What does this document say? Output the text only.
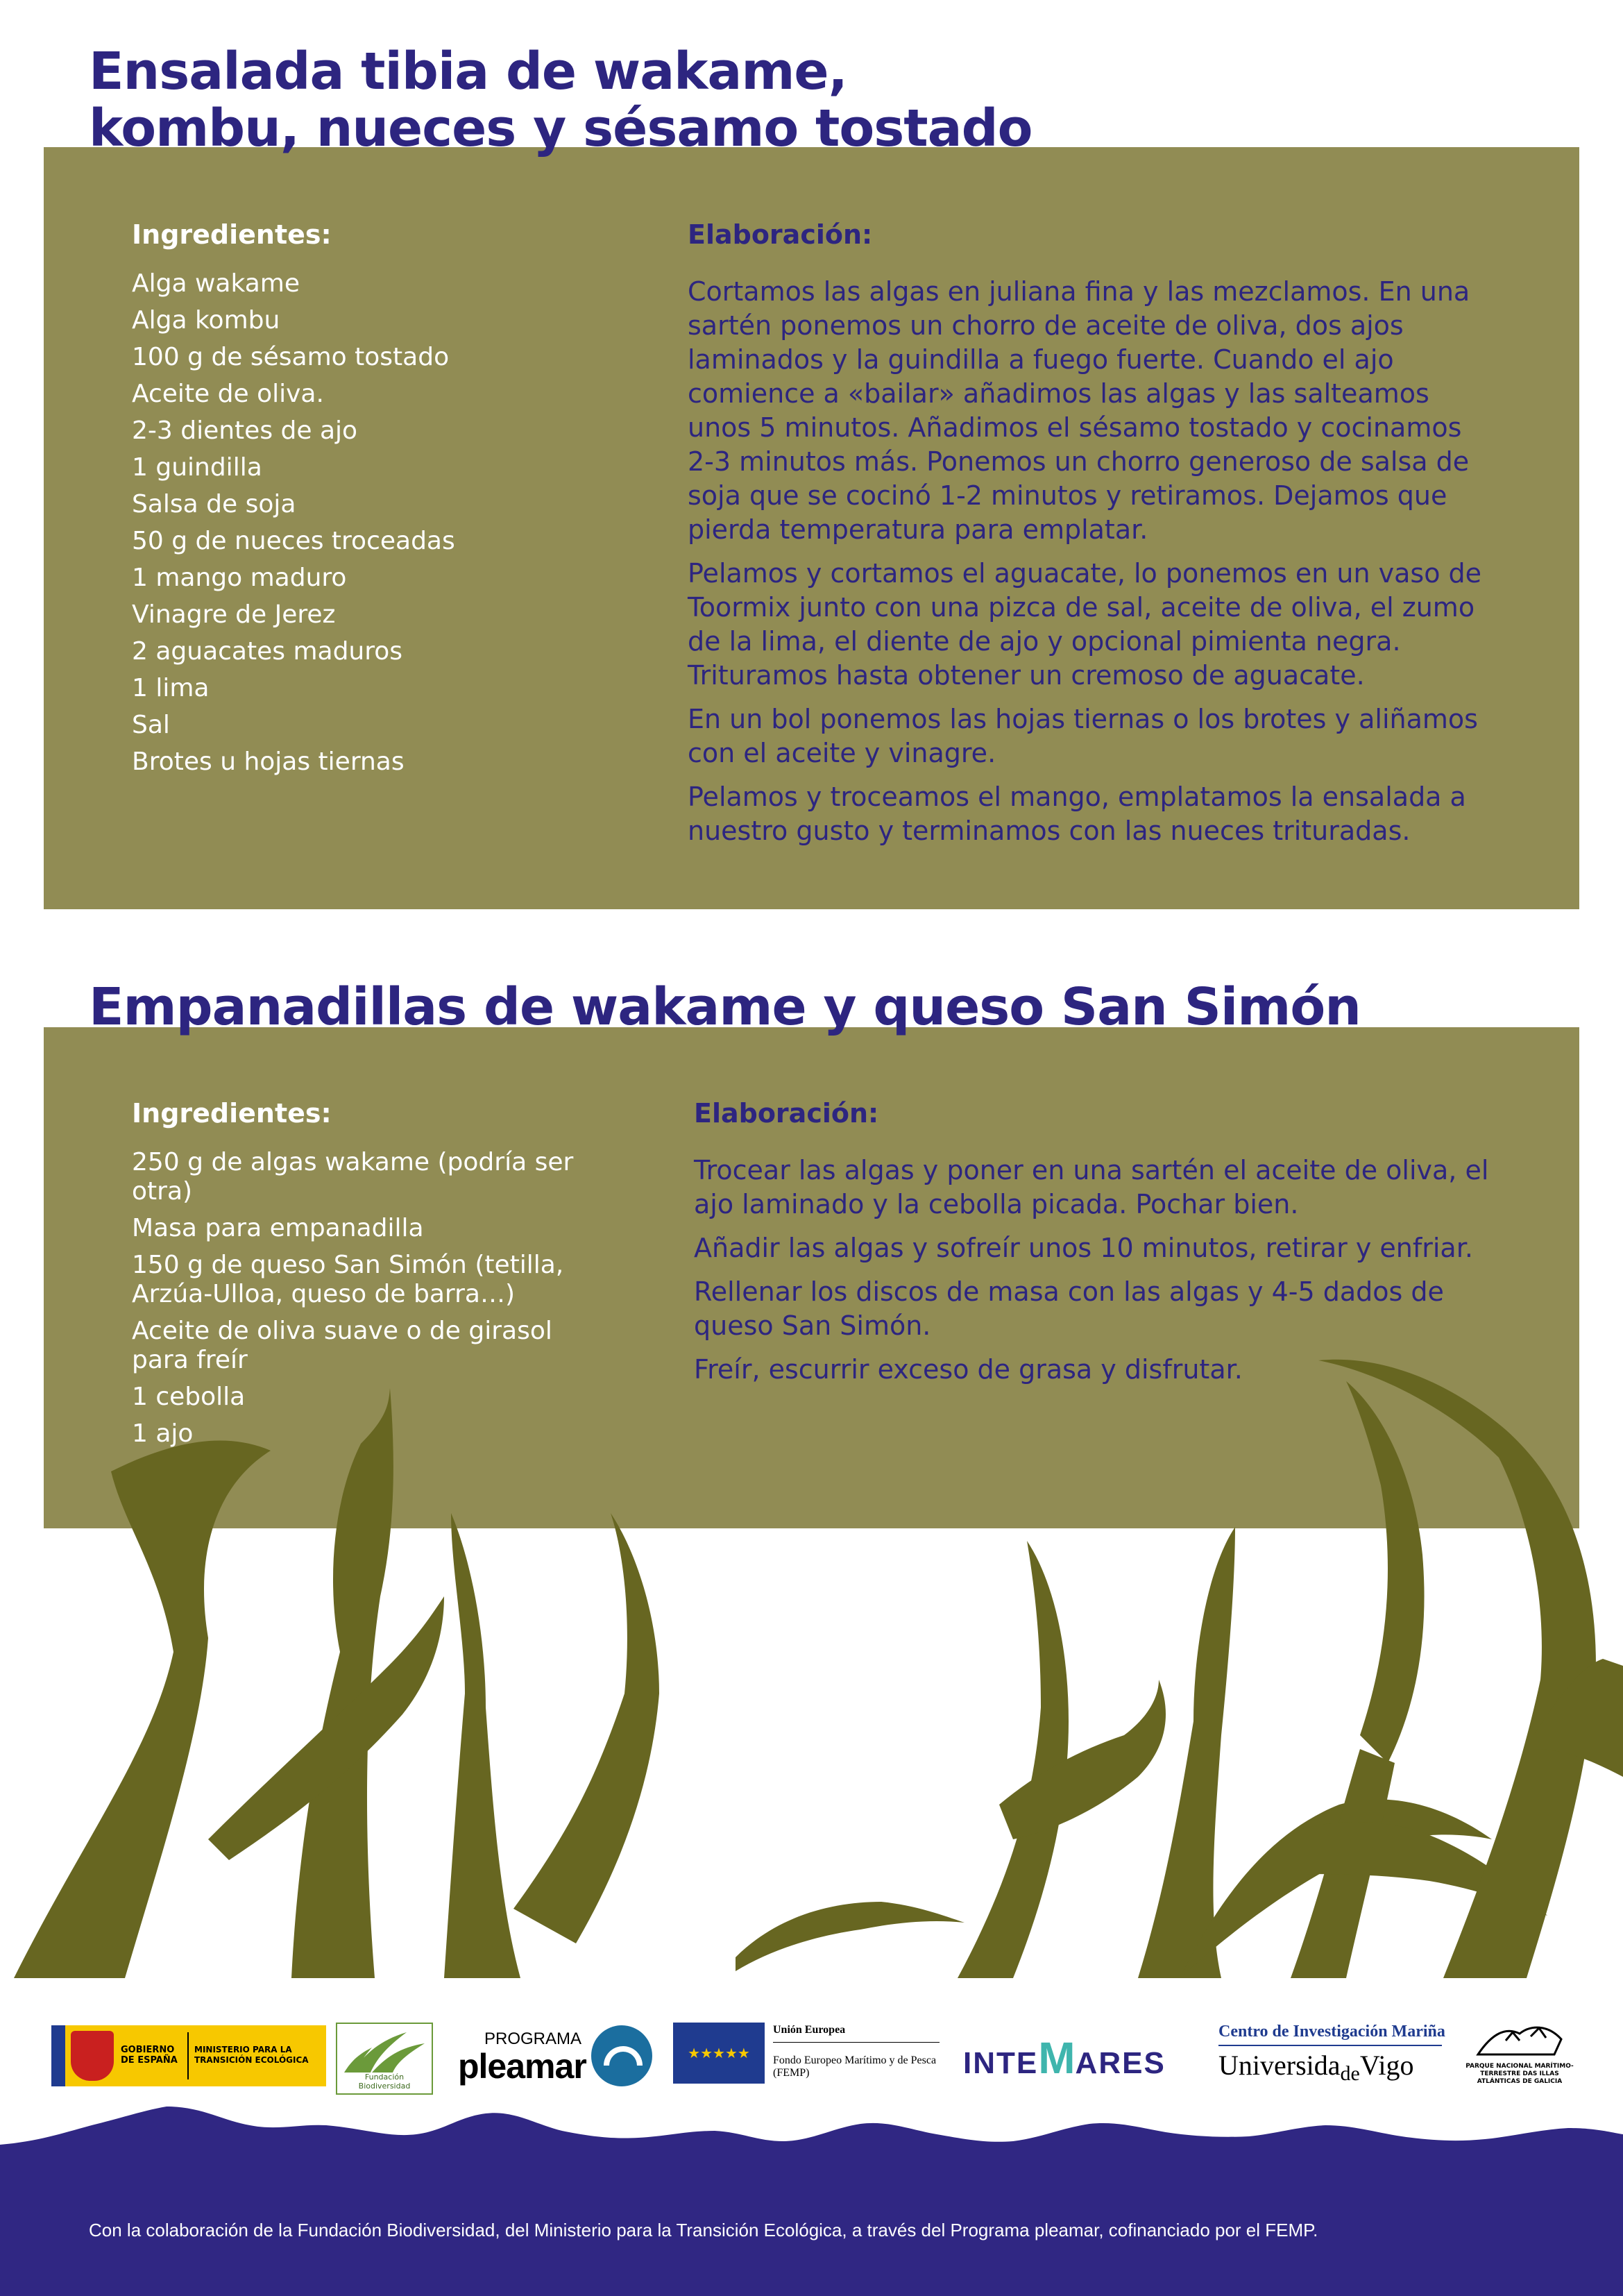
Ensalada tibia de wakame,
kombu, nueces y sésamo tostado
Ingredientes:
Alga wakame
Alga kombu
100 g de sésamo tostado
Aceite de oliva.
2-3 dientes de ajo
1 guindilla
Salsa de soja
50 g de nueces troceadas
1 mango maduro
Vinagre de Jerez
2 aguacates maduros
1 lima
Sal
Brotes u hojas tiernas
Elaboración:

Cortamos las algas en juliana fina y las mezclamos. En una sartén ponemos un chorro de aceite de oliva, dos ajos laminados y la guindilla a fuego fuerte. Cuando el ajo comience a «bailar» añadimos las algas y las salteamos unos 5 minutos. Añadimos el sésamo tostado y cocinamos 2-3 minutos más. Ponemos un chorro generoso de salsa de soja que se cocinó 1-2 minutos y retiramos. Dejamos que pierda temperatura para emplatar.

Pelamos y cortamos el aguacate, lo ponemos en un vaso de Toormix junto con una pizca de sal, aceite de oliva, el zumo de la lima, el diente de ajo y opcional pimienta negra. Trituramos hasta obtener un cremoso de aguacate.

En un bol ponemos las hojas tiernas o los brotes y aliñamos con el aceite y vinagre.

Pelamos y troceamos el mango, emplatamos la ensalada a nuestro gusto y terminamos con las nueces trituradas.

Empanadillas de wakame y queso San Simón
Ingredientes:
250 g de algas wakame (podría ser otra)
Masa para empanadilla
150 g de queso San Simón (tetilla, Arzúa-Ulloa, queso de barra…)
Aceite de oliva suave o de girasol para freír
1 cebolla
1 ajo
Elaboración:

Trocear las algas y poner en una sartén el aceite de oliva, el ajo laminado y la cebolla picada. Pochar bien.

Añadir las algas y sofreír unos 10 minutos, retirar y enfriar.

Rellenar los discos de masa con las algas y 4-5 dados de queso San Simón.

Freír, escurrir exceso de grasa y disfrutar.

GOBIERNO DE ESPAÑA
MINISTERIO PARA LA TRANSICIÓN ECOLÓGICA
Fundación Biodiversidad
PROGRAMA
pleamar	★★★★★
Unión Europea
Fondo Europeo Marítimo y de Pesca (FEMP)	INTEMARES
Centro de Investigación Mariña
Universida$_{de}$Vigo	PARQUE NACIONAL MARÍTIMO-TERRESTRE DAS ILLAS ATLÁNTICAS DE GALICIA
Con la colaboración de la Fundación Biodiversidad, del Ministerio para la Transición Ecológica, a través del Programa pleamar, cofinanciado por el FEMP.
